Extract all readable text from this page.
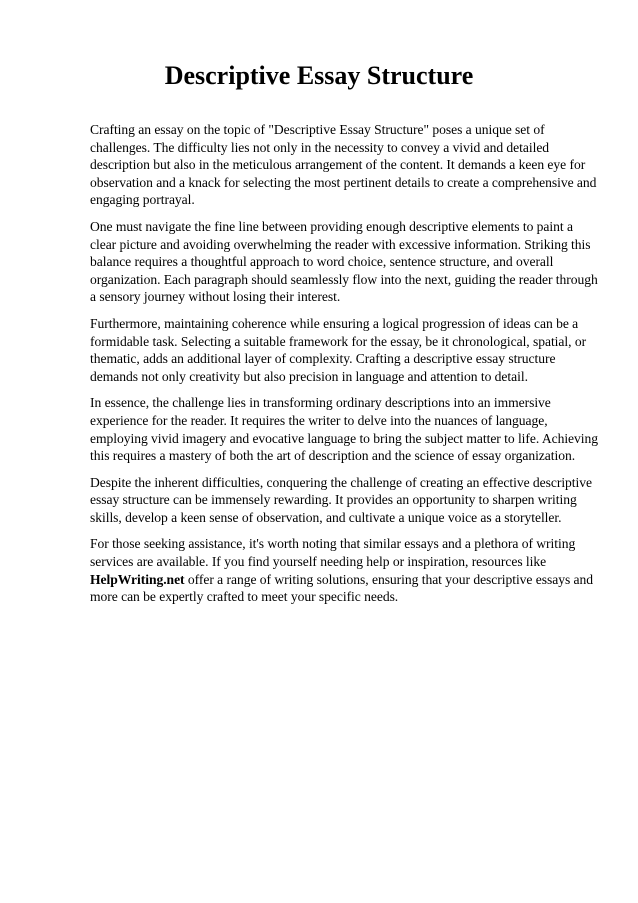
Descriptive Essay Structure

Crafting an essay on the topic of "Descriptive Essay Structure" poses a unique set of challenges. The difficulty lies not only in the necessity to convey a vivid and detailed description but also in the meticulous arrangement of the content. It demands a keen eye for observation and a knack for selecting the most pertinent details to create a comprehensive and engaging portrayal.

One must navigate the fine line between providing enough descriptive elements to paint a clear picture and avoiding overwhelming the reader with excessive information. Striking this balance requires a thoughtful approach to word choice, sentence structure, and overall organization. Each paragraph should seamlessly flow into the next, guiding the reader through a sensory journey without losing their interest.

Furthermore, maintaining coherence while ensuring a logical progression of ideas can be a formidable task. Selecting a suitable framework for the essay, be it chronological, spatial, or thematic, adds an additional layer of complexity. Crafting a descriptive essay structure demands not only creativity but also precision in language and attention to detail.

In essence, the challenge lies in transforming ordinary descriptions into an immersive experience for the reader. It requires the writer to delve into the nuances of language, employing vivid imagery and evocative language to bring the subject matter to life. Achieving this requires a mastery of both the art of description and the science of essay organization.

Despite the inherent difficulties, conquering the challenge of creating an effective descriptive essay structure can be immensely rewarding. It provides an opportunity to sharpen writing skills, develop a keen sense of observation, and cultivate a unique voice as a storyteller.

For those seeking assistance, it's worth noting that similar essays and a plethora of writing services are available. If you find yourself needing help or inspiration, resources like HelpWriting.net offer a range of writing solutions, ensuring that your descriptive essays and more can be expertly crafted to meet your specific needs.
